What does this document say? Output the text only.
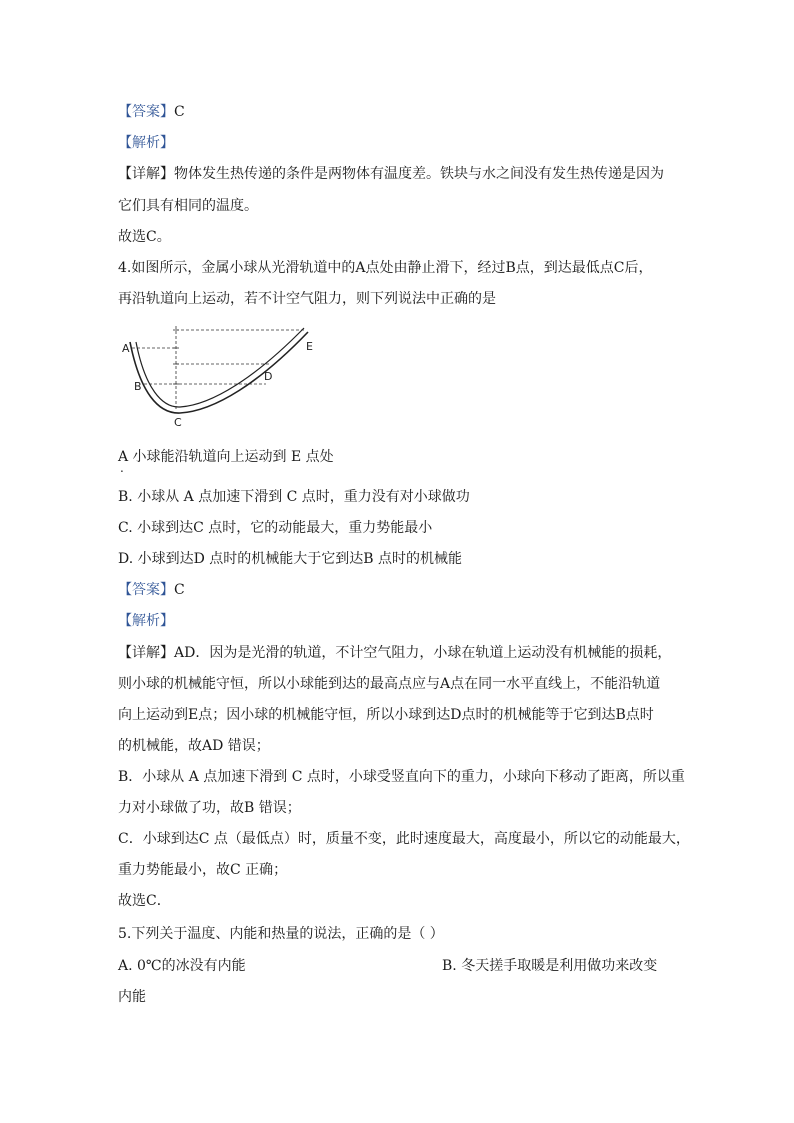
【答案】C
【解析】
【详解】物体发生热传递的条件是两物体有温度差。铁块与水之间没有发生热传递是因为
它们具有相同的温度。
故选C。
4.如图所示，金属小球从光滑轨道中的A点处由静止滑下，经过B点，到达最低点C后，
再沿轨道向上运动，若不计空气阻力，则下列说法中正确的是
A
B
C
D
E
A 小球能沿轨道向上运动到 E 点处
.
B. 小球从 A 点加速下滑到 C 点时，重力没有对小球做功
C. 小球到达C 点时，它的动能最大，重力势能最小
D. 小球到达D 点时的机械能大于它到达B 点时的机械能
【答案】C
【解析】
【详解】AD．因为是光滑的轨道，不计空气阻力，小球在轨道上运动没有机械能的损耗，
则小球的机械能守恒，所以小球能到达的最高点应与A点在同一水平直线上，不能沿轨道
向上运动到E点；因小球的机械能守恒，所以小球到达D点时的机械能等于它到达B点时
的机械能，故AD 错误；
B．小球从 A 点加速下滑到 C 点时，小球受竖直向下的重力，小球向下移动了距离，所以重
力对小球做了功，故B 错误；
C．小球到达C 点（最低点）时，质量不变，此时速度最大，高度最小，所以它的动能最大，
重力势能最小，故C 正确；
故选C．
5.下列关于温度、内能和热量的说法，正确的是（ ）
A. 0℃的冰没有内能	B. 冬天搓手取暖是利用做功来改变
内能
